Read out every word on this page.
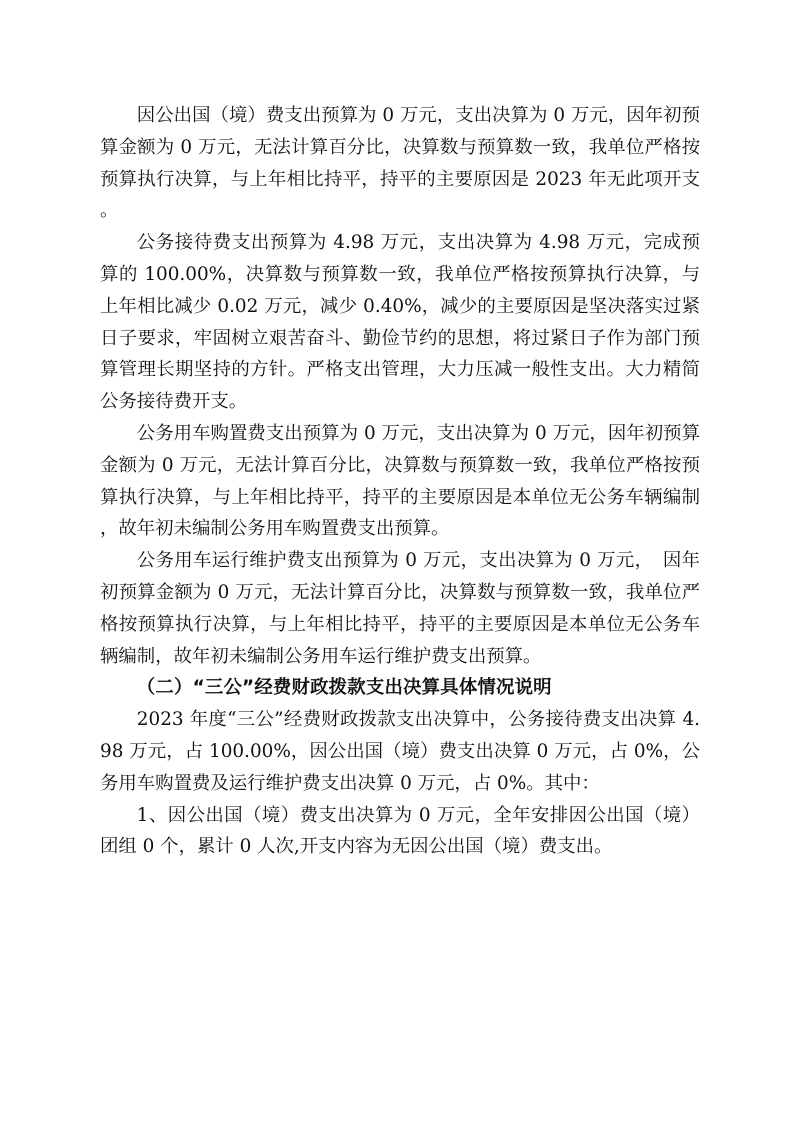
因公出国（境）费支出预算为 0 万元，支出决算为 0 万元，因年初预算金额为 0 万元，无法计算百分比，决算数与预算数一致，我单位严格按预算执行决算，与上年相比持平，持平的主要原因是 2023 年无此项开支。

公务接待费支出预算为 4.98 万元，支出决算为 4.98 万元，完成预算的 100.00%，决算数与预算数一致，我单位严格按预算执行决算，与上年相比减少 0.02 万元，减少 0.40%，减少的主要原因是坚决落实过紧日子要求，牢固树立艰苦奋斗、勤俭节约的思想，将过紧日子作为部门预算管理长期坚持的方针。严格支出管理，大力压减一般性支出。大力精简公务接待费开支。

公务用车购置费支出预算为 0 万元，支出决算为 0 万元，因年初预算金额为 0 万元，无法计算百分比，决算数与预算数一致，我单位严格按预算执行决算，与上年相比持平，持平的主要原因是本单位无公务车辆编制，故年初未编制公务用车购置费支出预算。

公务用车运行维护费支出预算为 0 万元，支出决算为 0 万元，　因年初预算金额为 0 万元，无法计算百分比，决算数与预算数一致，我单位严格按预算执行决算，与上年相比持平，持平的主要原因是本单位无公务车辆编制，故年初未编制公务用车运行维护费支出预算。

（二）“三公”经费财政拨款支出决算具体情况说明

2023 年度“三公”经费财政拨款支出决算中，公务接待费支出决算 4.98 万元，占 100.00%，因公出国（境）费支出决算 0 万元，占 0%，公务用车购置费及运行维护费支出决算 0 万元，占 0%。其中：

1、因公出国（境）费支出决算为 0 万元，全年安排因公出国（境）团组 0 个，累计 0 人次,开支内容为无因公出国（境）费支出。
